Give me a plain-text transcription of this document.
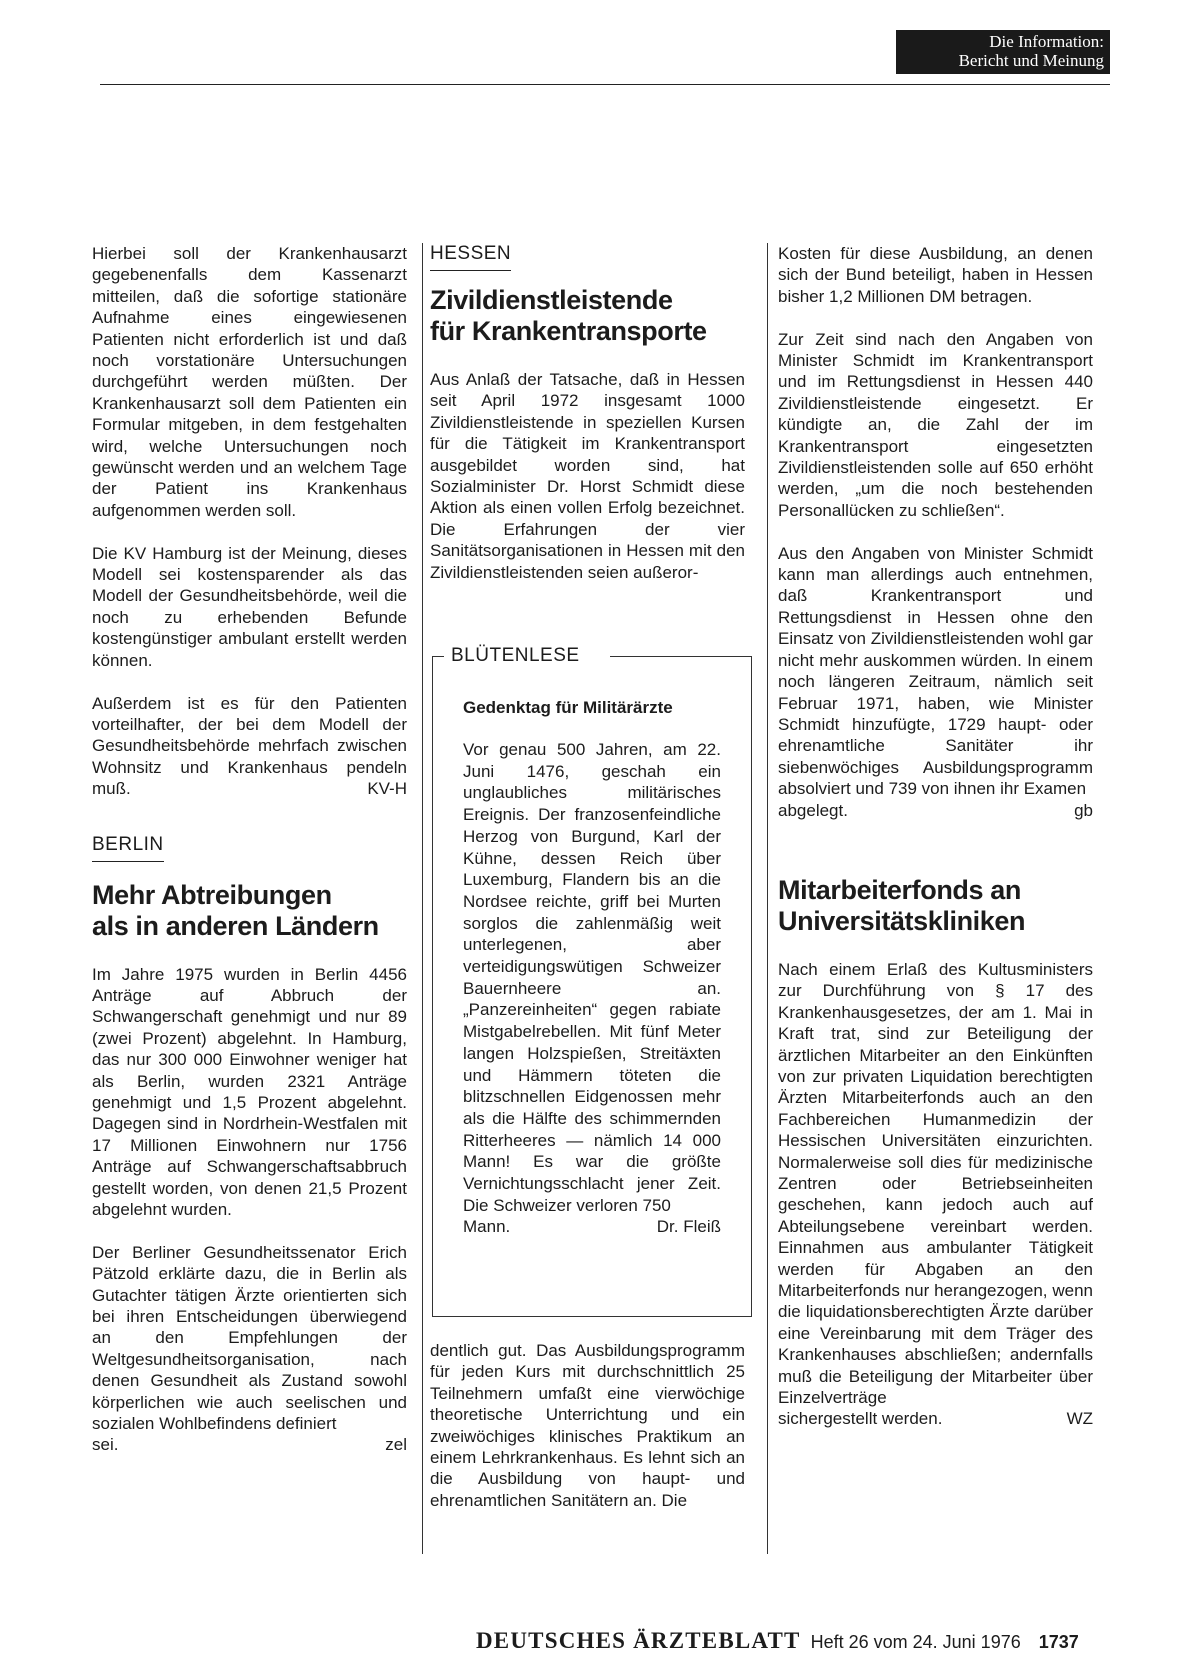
Die Information:
Bericht und Meinung

Hierbei soll der Krankenhausarzt gegebenenfalls dem Kassenarzt mitteilen, daß die sofortige stationäre Aufnahme eines eingewiesenen Patienten nicht erforderlich ist und daß noch vorstationäre Untersuchungen durchgeführt werden müßten. Der Krankenhausarzt soll dem Patienten ein Formular mitgeben, in dem festgehalten wird, welche Untersuchungen noch gewünscht werden und an welchem Tage der Patient ins Krankenhaus aufgenommen werden soll.

Die KV Hamburg ist der Meinung, dieses Modell sei kostensparender als das Modell der Gesundheitsbehörde, weil die noch zu erhebenden Befunde kostengünstiger ambulant erstellt werden können.

Außerdem ist es für den Patienten vorteilhafter, der bei dem Modell der Gesundheitsbehörde mehrfach zwischen Wohnsitz und Krankenhaus pendeln muß.	KV-H
BERLIN
Mehr Abtreibungen
als in anderen Ländern

Im Jahre 1975 wurden in Berlin 4456 Anträge auf Abbruch der Schwangerschaft genehmigt und nur 89 (zwei Prozent) abgelehnt. In Hamburg, das nur 300 000 Einwohner weniger hat als Berlin, wurden 2321 Anträge genehmigt und 1,5 Prozent abgelehnt. Dagegen sind in Nordrhein-Westfalen mit 17 Millionen Einwohnern nur 1756 Anträge auf Schwangerschaftsabbruch gestellt worden, von denen 21,5 Prozent abgelehnt wurden.

Der Berliner Gesundheitssenator Erich Pätzold erklärte dazu, die in Berlin als Gutachter tätigen Ärzte orientierten sich bei ihren Entscheidungen überwiegend an den Empfehlungen der Weltgesundheitsorganisation, nach denen Gesundheit als Zustand sowohl körperlichen wie auch seelischen und sozialen Wohlbefindens definiert

sei.	zel
HESSEN
Zivildienstleistende
für Krankentransporte

Aus Anlaß der Tatsache, daß in Hessen seit April 1972 insgesamt 1000 Zivildienstleistende in speziellen Kursen für die Tätigkeit im Krankentransport ausgebildet worden sind, hat Sozialminister Dr. Horst Schmidt diese Aktion als einen vollen Erfolg bezeichnet. Die Erfahrungen der vier Sanitätsorganisationen in Hessen mit den Zivildienstleistenden seien außeror-

BLÜTENLESE
Gedenktag für Militärärzte
Vor genau 500 Jahren, am 22. Juni 1476, geschah ein unglaubliches militärisches Ereignis. Der franzosenfeindliche Herzog von Burgund, Karl der Kühne, dessen Reich über Luxemburg, Flandern bis an die Nordsee reichte, griff bei Murten sorglos die zahlenmäßig weit unterlegenen, aber verteidigungswütigen Schweizer Bauernheere an. „Panzereinheiten“ gegen rabiate Mistgabelrebellen. Mit fünf Meter langen Holzspießen, Streitäxten und Hämmern töteten die blitzschnellen Eidgenossen mehr als die Hälfte des schimmernden Ritterheeres — nämlich 14 000 Mann! Es war die größte Vernichtungsschlacht jener Zeit. Die Schweizer verloren 750
Mann.	Dr. Fleiß

dentlich gut. Das Ausbildungsprogramm für jeden Kurs mit durchschnittlich 25 Teilnehmern umfaßt eine vierwöchige theoretische Unterrichtung und ein zweiwöchiges klinisches Praktikum an einem Lehrkrankenhaus. Es lehnt sich an die Ausbildung von haupt- und ehrenamtlichen Sanitätern an. Die

Kosten für diese Ausbildung, an denen sich der Bund beteiligt, haben in Hessen bisher 1,2 Millionen DM betragen.

Zur Zeit sind nach den Angaben von Minister Schmidt im Krankentransport und im Rettungsdienst in Hessen 440 Zivildienstleistende eingesetzt. Er kündigte an, die Zahl der im Krankentransport eingesetzten Zivildienstleistenden solle auf 650 erhöht werden, „um die noch bestehenden Personallücken zu schließen“.

Aus den Angaben von Minister Schmidt kann man allerdings auch entnehmen, daß Krankentransport und Rettungsdienst in Hessen ohne den Einsatz von Zivildienstleistenden wohl gar nicht mehr auskommen würden. In einem noch längeren Zeitraum, nämlich seit Februar 1971, haben, wie Minister Schmidt hinzufügte, 1729 haupt- oder ehrenamtliche Sanitäter ihr siebenwöchiges Ausbildungsprogramm absolviert und 739 von ihnen ihr Examen

abgelegt.	gb
Mitarbeiterfonds an
Universitätskliniken

Nach einem Erlaß des Kultusministers zur Durchführung von § 17 des Krankenhausgesetzes, der am 1. Mai in Kraft trat, sind zur Beteiligung der ärztlichen Mitarbeiter an den Einkünften von zur privaten Liquidation berechtigten Ärzten Mitarbeiterfonds auch an den Fachbereichen Humanmedizin der Hessischen Universitäten einzurichten. Normalerweise soll dies für medizinische Zentren oder Betriebseinheiten geschehen, kann jedoch auch auf Abteilungsebene vereinbart werden. Einnahmen aus ambulanter Tätigkeit werden für Abgaben an den Mitarbeiterfonds nur herangezogen, wenn die liquidationsberechtigten Ärzte darüber eine Vereinbarung mit dem Träger des Krankenhauses abschließen; andernfalls muß die Beteiligung der Mitarbeiter über Einzelverträge

sichergestellt werden.	WZ
DEUTSCHES ÄRZTEBLATT Heft 26 vom 24. Juni 1976 1737
